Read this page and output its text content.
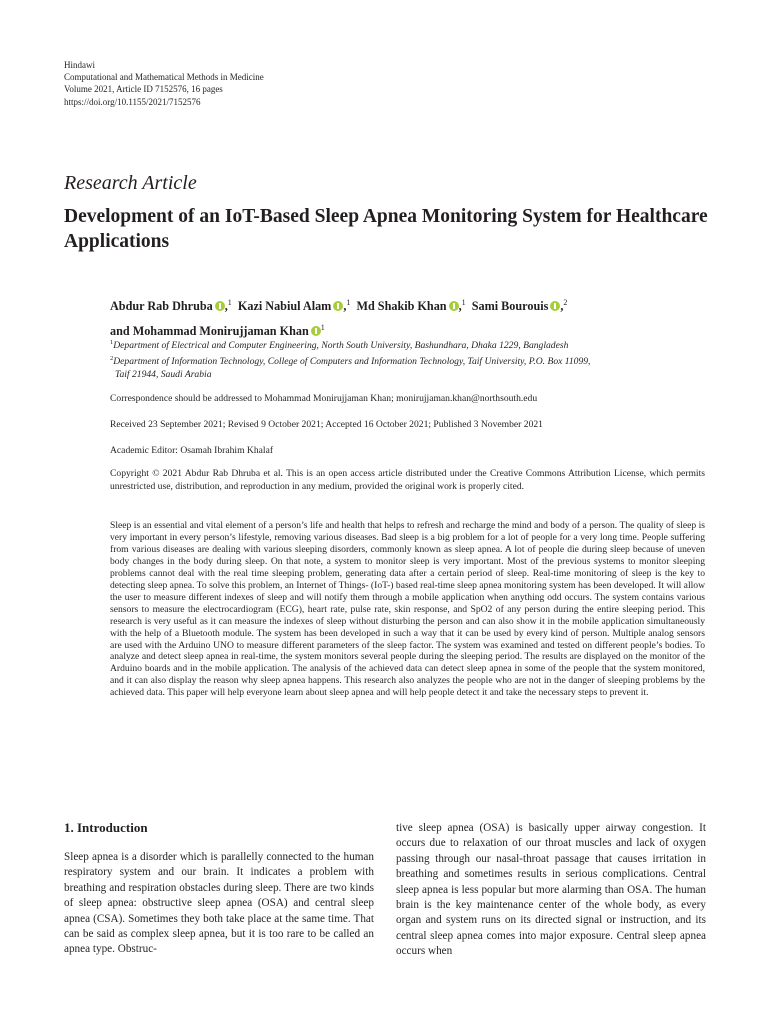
Hindawi
Computational and Mathematical Methods in Medicine
Volume 2021, Article ID 7152576, 16 pages
https://doi.org/10.1155/2021/7152576
Research Article
Development of an IoT-Based Sleep Apnea Monitoring System for Healthcare Applications
Abdur Rab Dhruba ,$^1$ Kazi Nabiul Alam ,$^1$ Md Shakib Khan ,$^1$ Sami Bourouis ,$^2$
and Mohammad Monirujjaman Khan $^1$
$^1$Department of Electrical and Computer Engineering, North South University, Bashundhara, Dhaka 1229, Bangladesh
$^2$Department of Information Technology, College of Computers and Information Technology, Taif University, P.O. Box 11099,
Taif 21944, Saudi Arabia
Correspondence should be addressed to Mohammad Monirujjaman Khan; monirujjaman.khan@northsouth.edu
Received 23 September 2021; Revised 9 October 2021; Accepted 16 October 2021; Published 3 November 2021
Academic Editor: Osamah Ibrahim Khalaf
Copyright © 2021 Abdur Rab Dhruba et al. This is an open access article distributed under the Creative Commons Attribution License, which permits unrestricted use, distribution, and reproduction in any medium, provided the original work is properly cited.
Sleep is an essential and vital element of a person’s life and health that helps to refresh and recharge the mind and body of a person. The quality of sleep is very important in every person’s lifestyle, removing various diseases. Bad sleep is a big problem for a lot of people for a very long time. People suffering from various diseases are dealing with various sleeping disorders, commonly known as sleep apnea. A lot of people die during sleep because of uneven body changes in the body during sleep. On that note, a system to monitor sleep is very important. Most of the previous systems to monitor sleeping problems cannot deal with the real time sleeping problem, generating data after a certain period of sleep. Real-time monitoring of sleep is the key to detecting sleep apnea. To solve this problem, an Internet of Things- (IoT-) based real-time sleep apnea monitoring system has been developed. It will allow the user to measure different indexes of sleep and will notify them through a mobile application when anything odd occurs. The system contains various sensors to measure the electrocardiogram (ECG), heart rate, pulse rate, skin response, and SpO2 of any person during the entire sleeping period. This research is very useful as it can measure the indexes of sleep without disturbing the person and can also show it in the mobile application simultaneously with the help of a Bluetooth module. The system has been developed in such a way that it can be used by every kind of person. Multiple analog sensors are used with the Arduino UNO to measure different parameters of the sleep factor. The system was examined and tested on different people’s bodies. To analyze and detect sleep apnea in real-time, the system monitors several people during the sleeping period. The results are displayed on the monitor of the Arduino boards and in the mobile application. The analysis of the achieved data can detect sleep apnea in some of the people that the system monitored, and it can also display the reason why sleep apnea happens. This research also analyzes the people who are not in the danger of sleeping problems by the achieved data. This paper will help everyone learn about sleep apnea and will help people detect it and take the necessary steps to prevent it.
1. Introduction

Sleep apnea is a disorder which is parallelly connected to the human respiratory system and our brain. It indicates a problem with breathing and respiration obstacles during sleep. There are two kinds of sleep apnea: obstructive sleep apnea (OSA) and central sleep apnea (CSA). Sometimes they both take place at the same time. That can be said as complex sleep apnea, but it is too rare to be called an apnea type. Obstruc-

tive sleep apnea (OSA) is basically upper airway congestion. It occurs due to relaxation of our throat muscles and lack of oxygen passing through our nasal-throat passage that causes irritation in breathing and sometimes results in serious complications. Central sleep apnea is less popular but more alarming than OSA. The human brain is the key maintenance center of the whole body, as every organ and system runs on its directed signal or instruction, and its central sleep apnea comes into major exposure. Central sleep apnea occurs when
